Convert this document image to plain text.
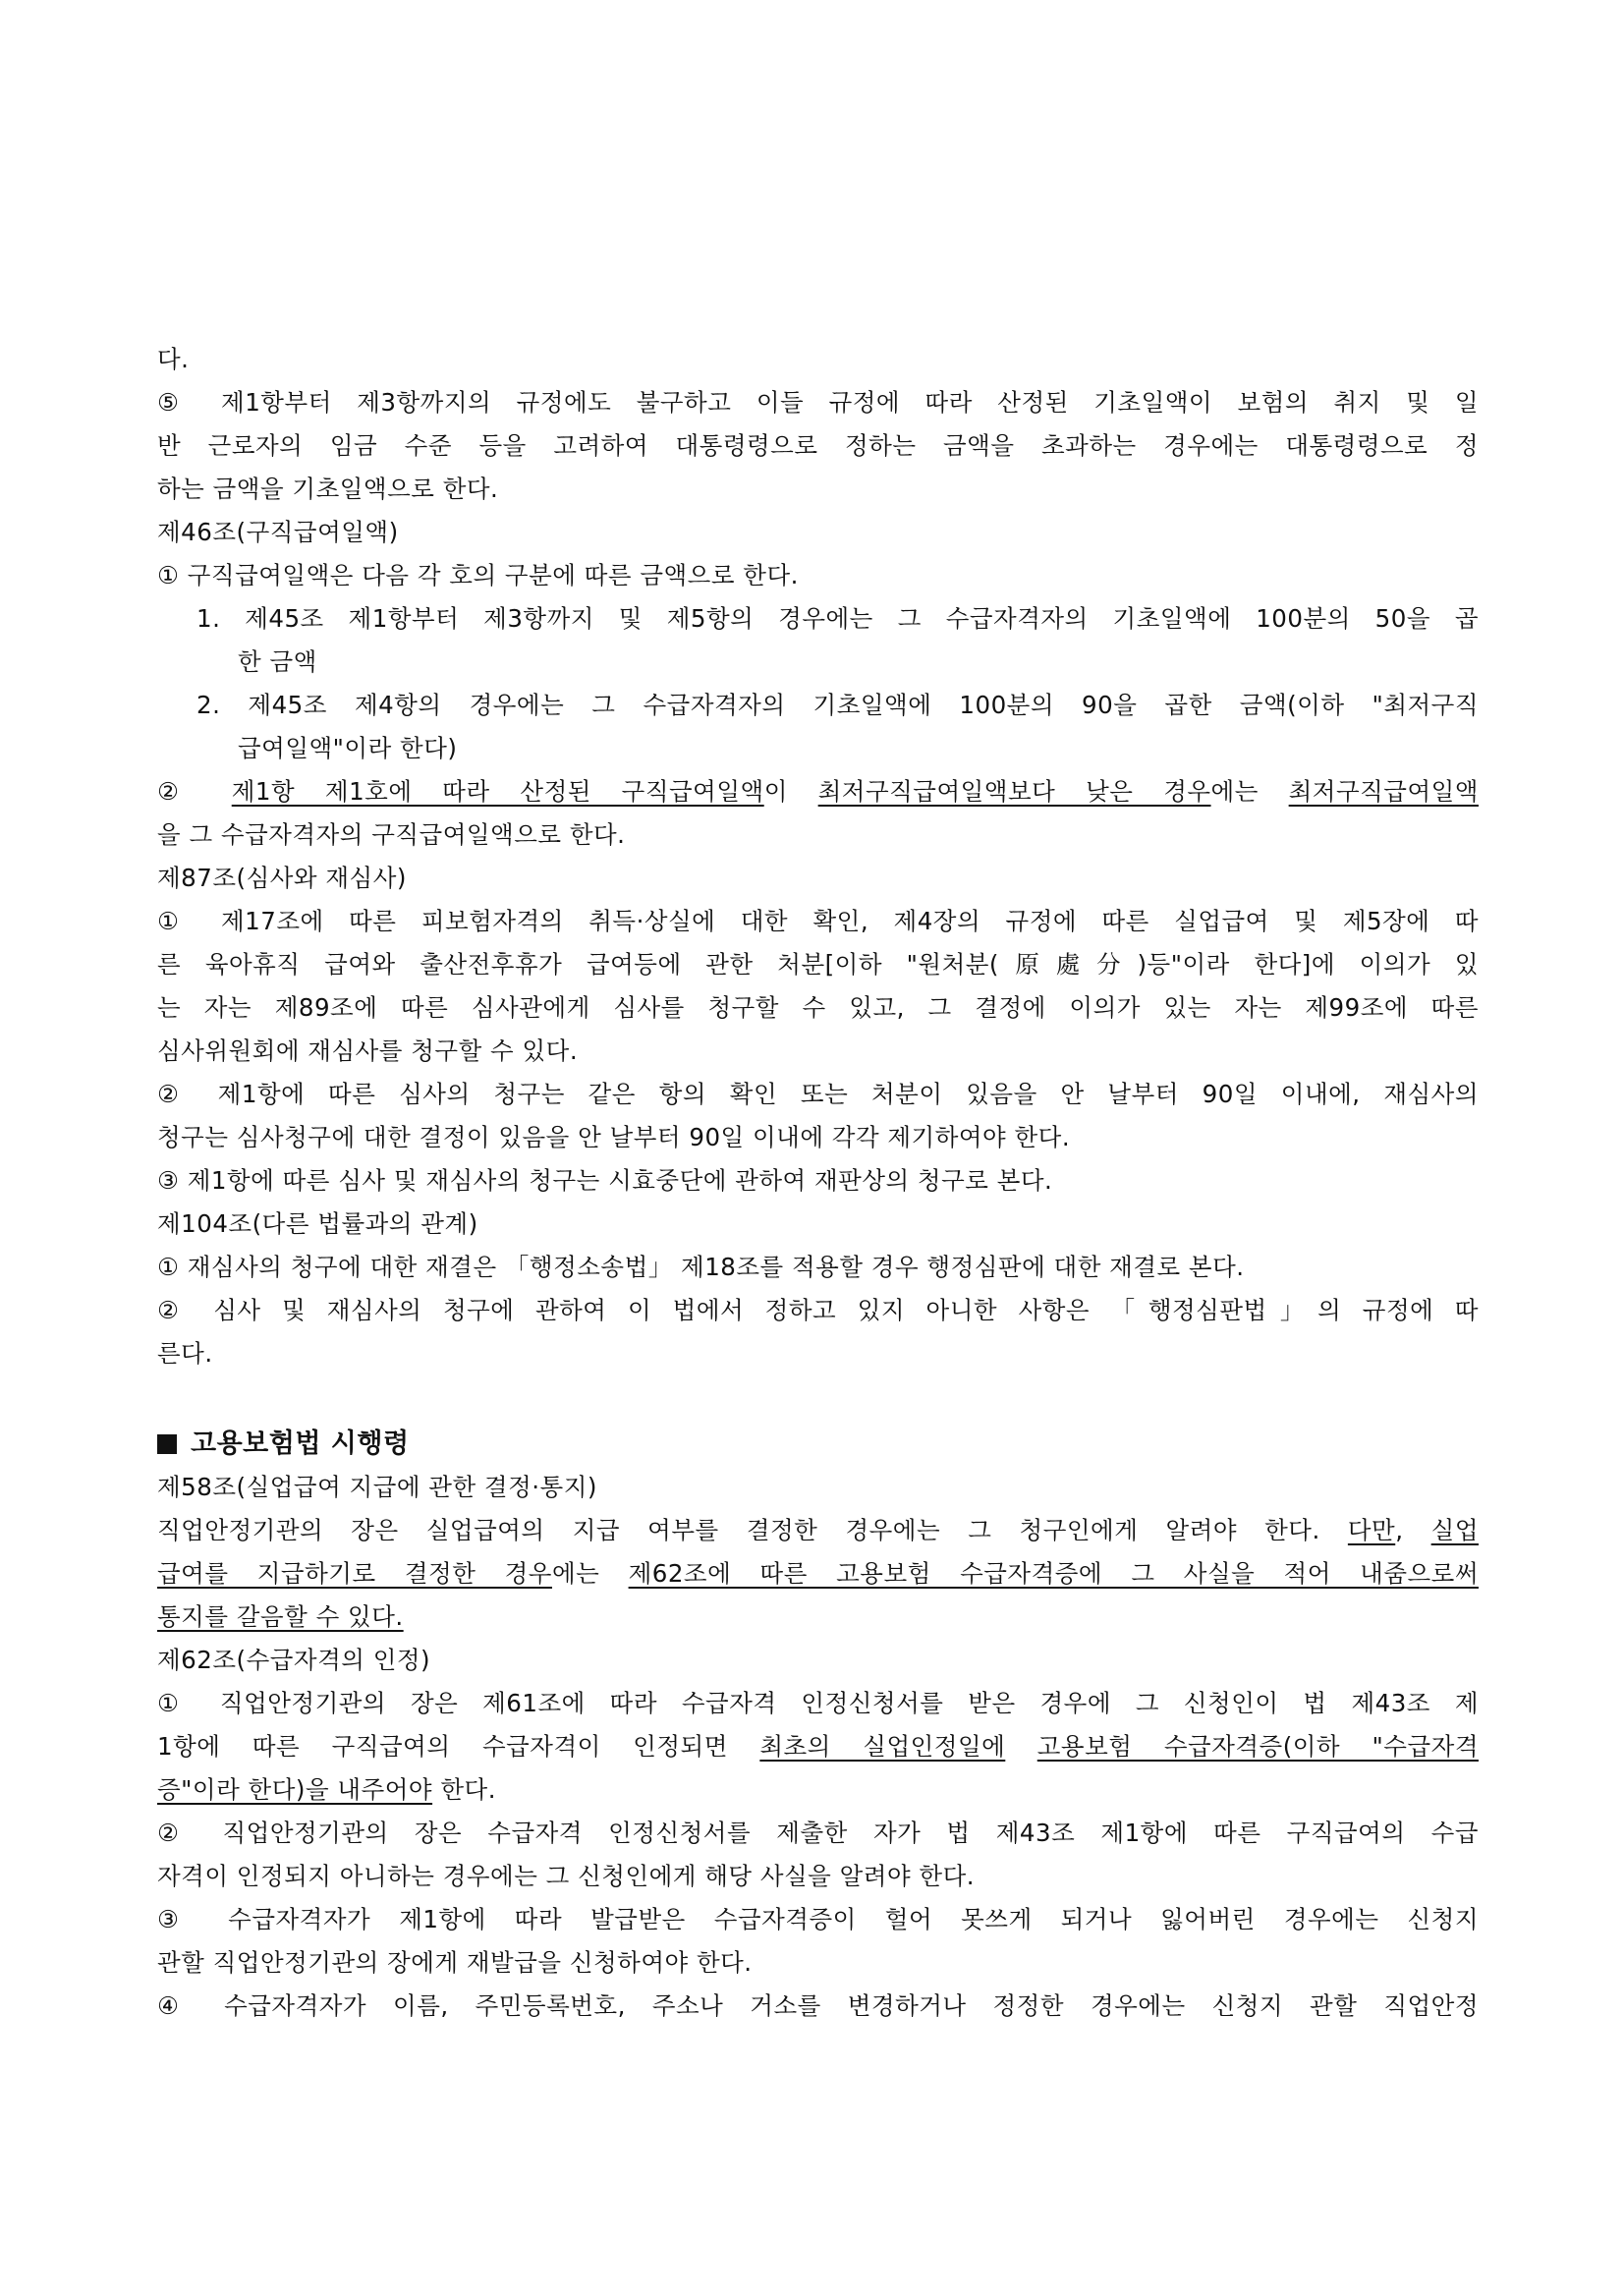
다.
⑤ 제1항부터 제3항까지의 규정에도 불구하고 이들 규정에 따라 산정된 기초일액이 보험의 취지 및 일
반 근로자의 임금 수준 등을 고려하여 대통령령으로 정하는 금액을 초과하는 경우에는 대통령령으로 정
하는 금액을 기초일액으로 한다.
제46조(구직급여일액)
① 구직급여일액은 다음 각 호의 구분에 따른 금액으로 한다.
1. 제45조 제1항부터 제3항까지 및 제5항의 경우에는 그 수급자격자의 기초일액에 100분의 50을 곱
한 금액
2. 제45조 제4항의 경우에는 그 수급자격자의 기초일액에 100분의 90을 곱한 금액(이하 "최저구직
급여일액"이라 한다)
② 제1항 제1호에 따라 산정된 구직급여일액이 최저구직급여일액보다 낮은 경우에는 최저구직급여일액
을 그 수급자격자의 구직급여일액으로 한다.
제87조(심사와 재심사)
① 제17조에 따른 피보험자격의 취득·상실에 대한 확인, 제4장의 규정에 따른 실업급여 및 제5장에 따
른 육아휴직 급여와 출산전후휴가 급여등에 관한 처분[이하 "원처분(原處分)등"이라 한다]에 이의가 있
는 자는 제89조에 따른 심사관에게 심사를 청구할 수 있고, 그 결정에 이의가 있는 자는 제99조에 따른
심사위원회에 재심사를 청구할 수 있다.
② 제1항에 따른 심사의 청구는 같은 항의 확인 또는 처분이 있음을 안 날부터 90일 이내에, 재심사의
청구는 심사청구에 대한 결정이 있음을 안 날부터 90일 이내에 각각 제기하여야 한다.
③ 제1항에 따른 심사 및 재심사의 청구는 시효중단에 관하여 재판상의 청구로 본다.
제104조(다른 법률과의 관계)
① 재심사의 청구에 대한 재결은 「행정소송법」 제18조를 적용할 경우 행정심판에 대한 재결로 본다.
② 심사 및 재심사의 청구에 관하여 이 법에서 정하고 있지 아니한 사항은 「행정심판법」의 규정에 따
른다.
고용보험법 시행령
제58조(실업급여 지급에 관한 결정·통지)
직업안정기관의 장은 실업급여의 지급 여부를 결정한 경우에는 그 청구인에게 알려야 한다. 다만, 실업
급여를 지급하기로 결정한 경우에는 제62조에 따른 고용보험 수급자격증에 그 사실을 적어 내줌으로써
통지를 갈음할 수 있다.
제62조(수급자격의 인정)
① 직업안정기관의 장은 제61조에 따라 수급자격 인정신청서를 받은 경우에 그 신청인이 법 제43조 제
1항에 따른 구직급여의 수급자격이 인정되면 최초의 실업인정일에 고용보험 수급자격증(이하 "수급자격
증"이라 한다)을 내주어야 한다.
② 직업안정기관의 장은 수급자격 인정신청서를 제출한 자가 법 제43조 제1항에 따른 구직급여의 수급
자격이 인정되지 아니하는 경우에는 그 신청인에게 해당 사실을 알려야 한다.
③ 수급자격자가 제1항에 따라 발급받은 수급자격증이 헐어 못쓰게 되거나 잃어버린 경우에는 신청지
관할 직업안정기관의 장에게 재발급을 신청하여야 한다.
④ 수급자격자가 이름, 주민등록번호, 주소나 거소를 변경하거나 정정한 경우에는 신청지 관할 직업안정
